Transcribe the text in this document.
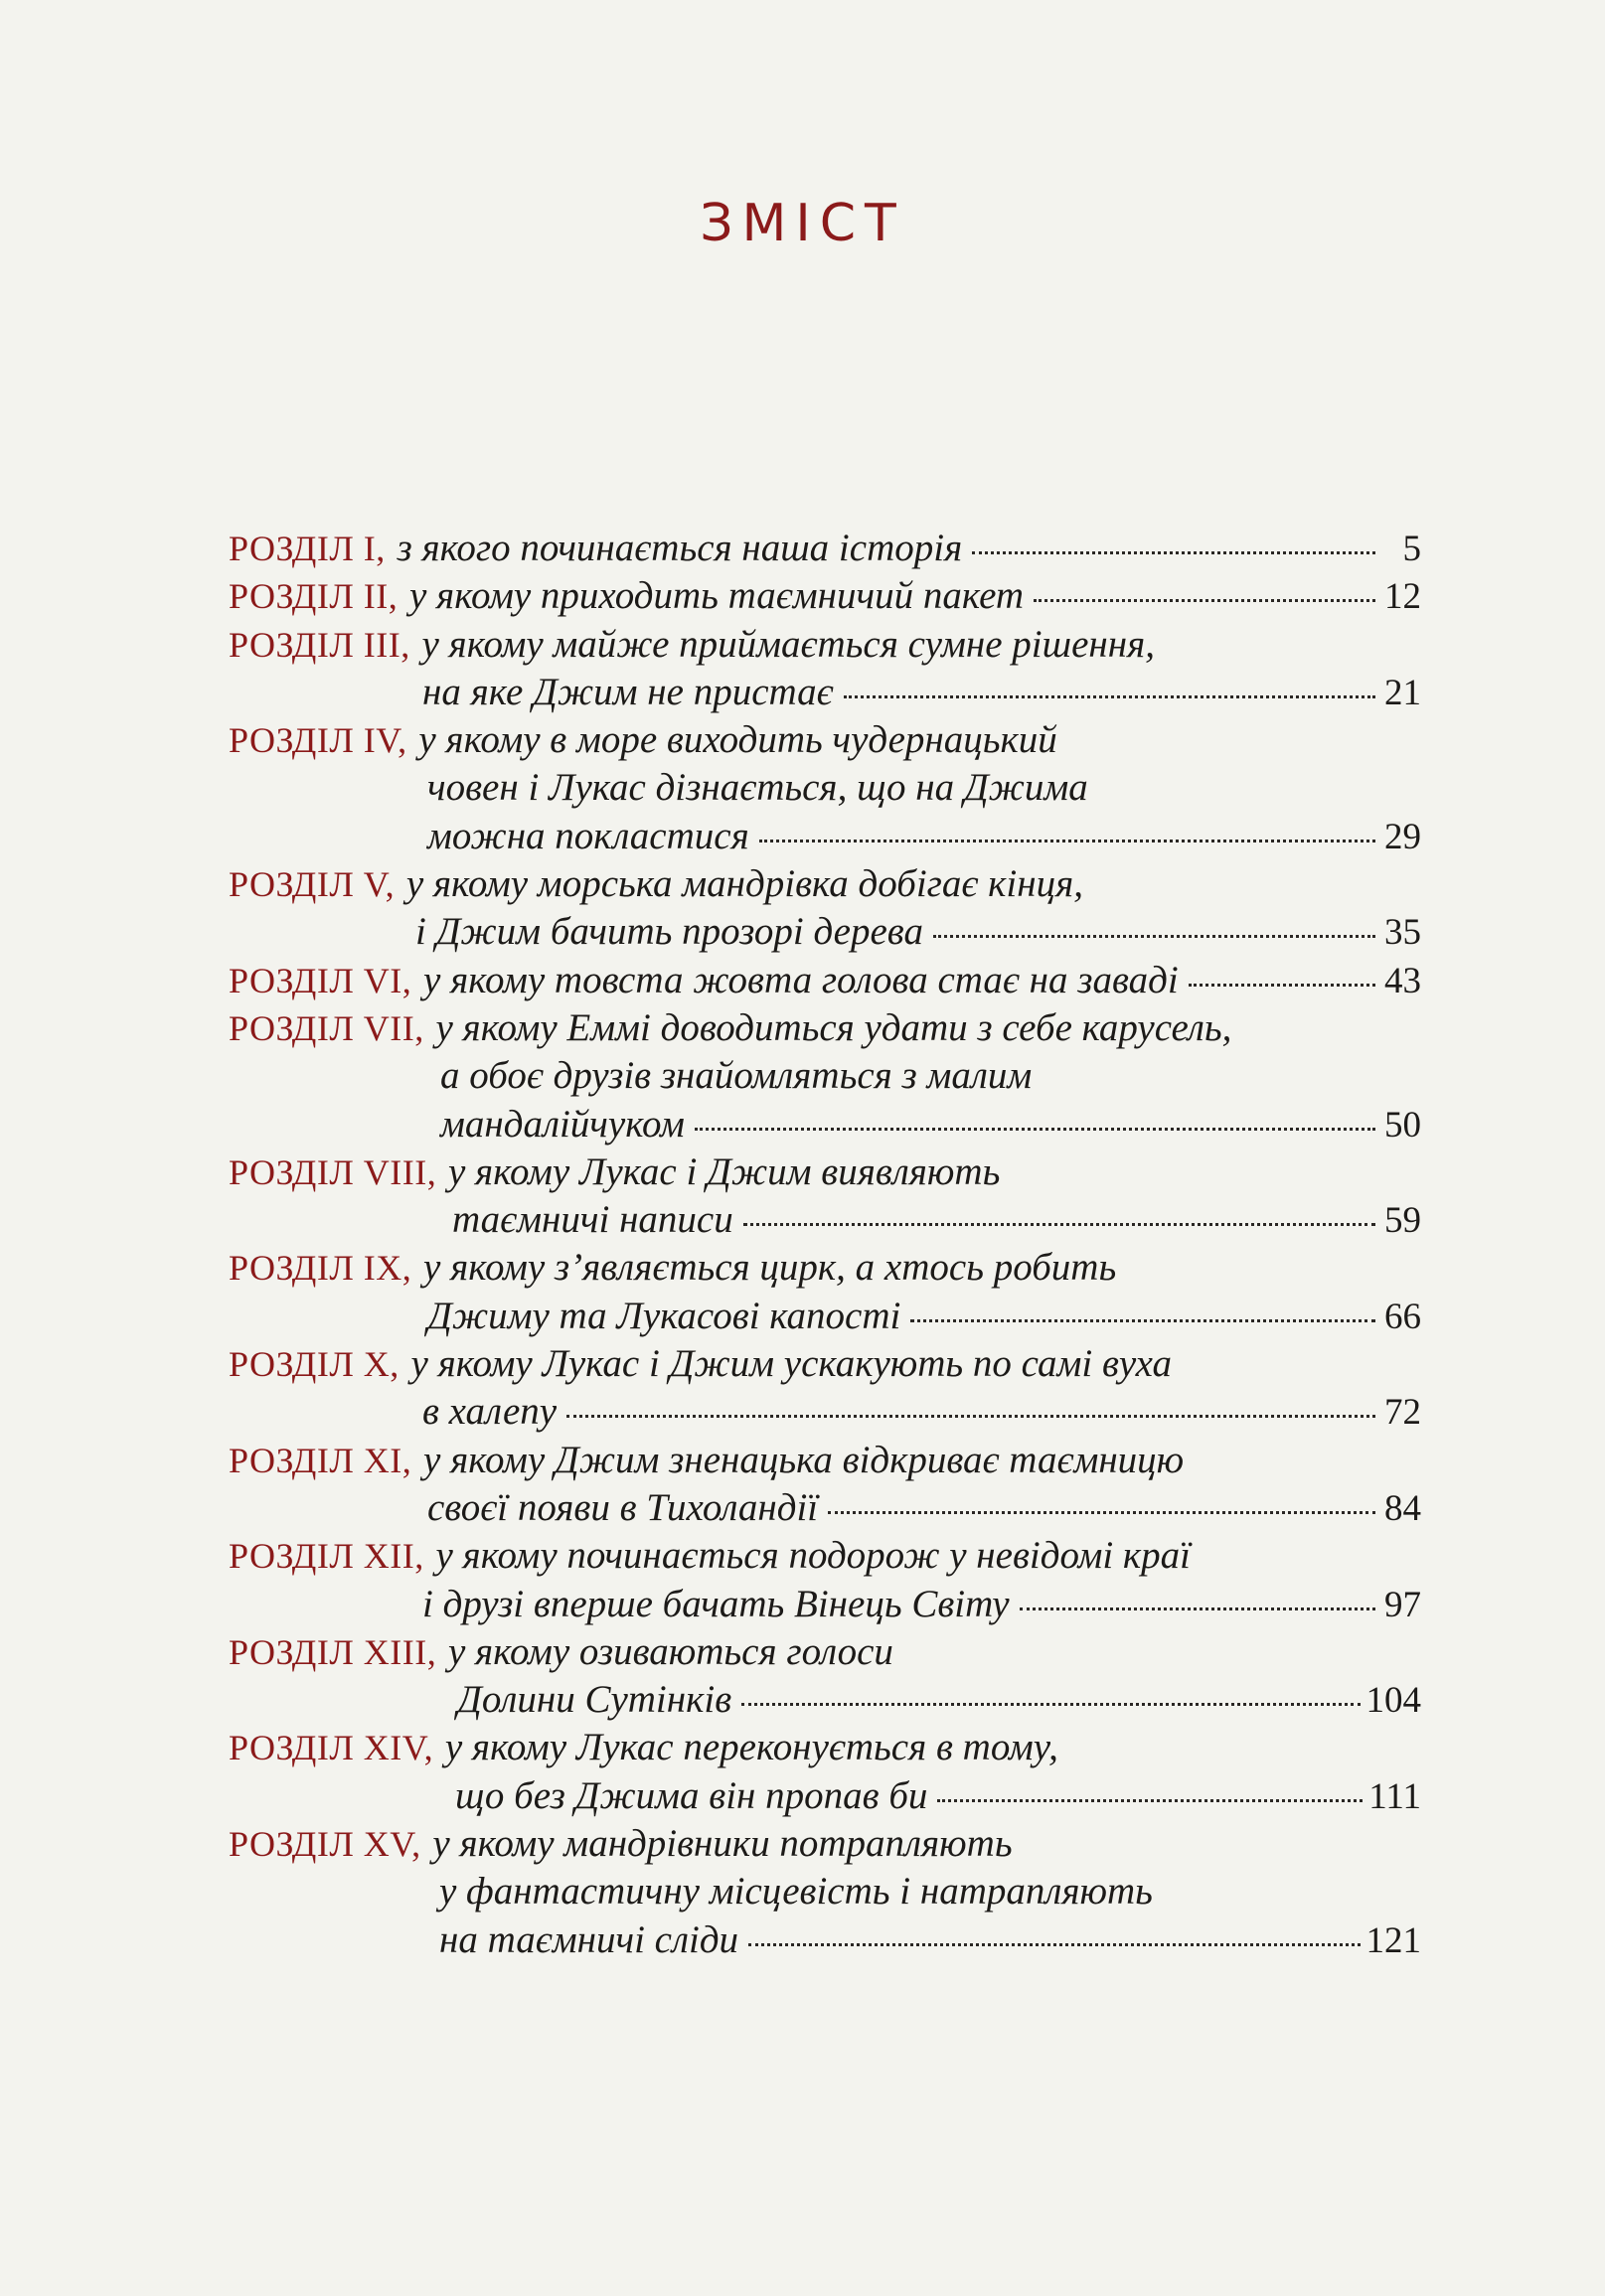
ЗМІСТ
РОЗДІЛ I,
з якого починається наша історія	5
РОЗДІЛ II,
у якому приходить таємничий пакет	12
РОЗДІЛ III,
у якому майже приймається сумне рішення,
на яке Джим не пристає	21
РОЗДІЛ IV,
у якому в море виходить чудернацький
човен і Лукас дізнається, що на Джима
можна покластися	29
РОЗДІЛ V,
у якому морська мандрівка добігає кінця,
і Джим бачить прозорі дерева	35
РОЗДІЛ VI,
у якому товста жовта голова стає на заваді	43
РОЗДІЛ VII,
у якому Еммі доводиться удати з себе карусель,
а обоє друзів знайомляться з малим
мандалійчуком	50
РОЗДІЛ VIII,
у якому Лукас і Джим виявляють
таємничі написи	59
РОЗДІЛ IX,
у якому з’являється цирк, а хтось робить
Джиму та Лукасові капості	66
РОЗДІЛ X,
у якому Лукас і Джим ускакують по самі вуха
в халепу	72
РОЗДІЛ XI,
у якому Джим зненацька відкриває таємницю
своєї появи в Тихоландії	84
РОЗДІЛ XII,
у якому починається подорож у невідомі краї
і друзі вперше бачать Вінець Світу	97
РОЗДІЛ XIII,
у якому озиваються голоси
Долини Сутінків	104
РОЗДІЛ XIV,
у якому Лукас переконується в тому,
що без Джима він пропав би	111
РОЗДІЛ XV,
у якому мандрівники потрапляють
у фантастичну місцевість і натрапляють
на таємничі сліди	121
